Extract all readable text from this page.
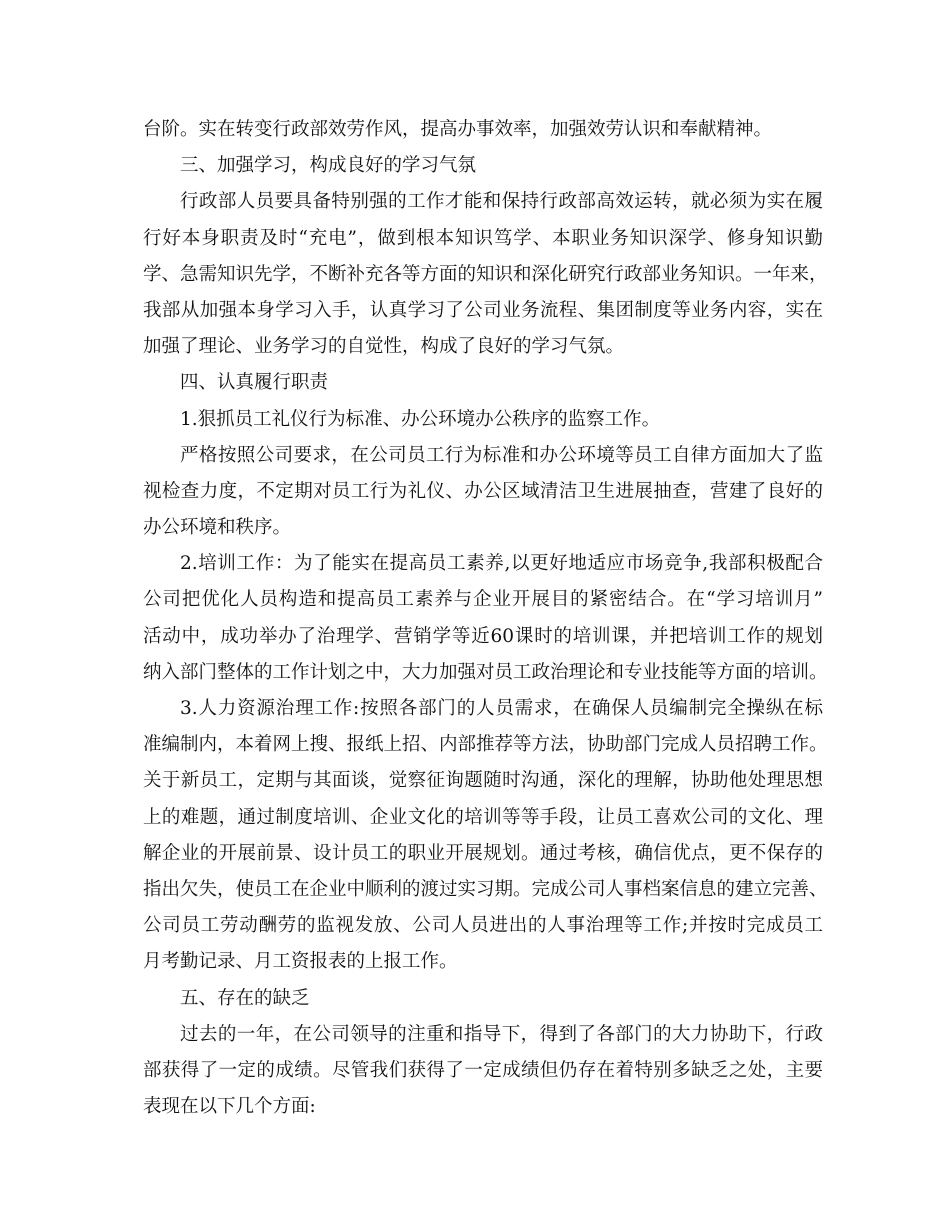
台阶。实在转变行政部效劳作风，提高办事效率，加强效劳认识和奉献精神。
三、加强学习，构成良好的学习气氛
行政部人员要具备特别强的工作才能和保持行政部高效运转，就必须为实在履
行好本身职责及时“充电”，做到根本知识笃学、本职业务知识深学、修身知识勤
学、急需知识先学，不断补充各等方面的知识和深化研究行政部业务知识。一年来，
我部从加强本身学习入手，认真学习了公司业务流程、集团制度等业务内容，实在
加强了理论、业务学习的自觉性，构成了良好的学习气氛。
四、认真履行职责
1.狠抓员工礼仪行为标准、办公环境办公秩序的监察工作。
严格按照公司要求，在公司员工行为标准和办公环境等员工自律方面加大了监
视检查力度，不定期对员工行为礼仪、办公区域清洁卫生进展抽查，营建了良好的
办公环境和秩序。
2.培训工作：为了能实在提高员工素养,以更好地适应市场竞争,我部积极配合
公司把优化人员构造和提高员工素养与企业开展目的紧密结合。在“学习培训月”
活动中，成功举办了治理学、营销学等近60课时的培训课，并把培训工作的规划
纳入部门整体的工作计划之中，大力加强对员工政治理论和专业技能等方面的培训。
3.人力资源治理工作:按照各部门的人员需求，在确保人员编制完全操纵在标
准编制内，本着网上搜、报纸上招、内部推荐等方法，协助部门完成人员招聘工作。
关于新员工，定期与其面谈，觉察征询题随时沟通，深化的理解，协助他处理思想
上的难题，通过制度培训、企业文化的培训等等手段，让员工喜欢公司的文化、理
解企业的开展前景、设计员工的职业开展规划。通过考核，确信优点，更不保存的
指出欠失，使员工在企业中顺利的渡过实习期。完成公司人事档案信息的建立完善、
公司员工劳动酬劳的监视发放、公司人员进出的人事治理等工作;并按时完成员工
月考勤记录、月工资报表的上报工作。
五、存在的缺乏
过去的一年，在公司领导的注重和指导下，得到了各部门的大力协助下，行政
部获得了一定的成绩。尽管我们获得了一定成绩但仍存在着特别多缺乏之处，主要
表现在以下几个方面:
